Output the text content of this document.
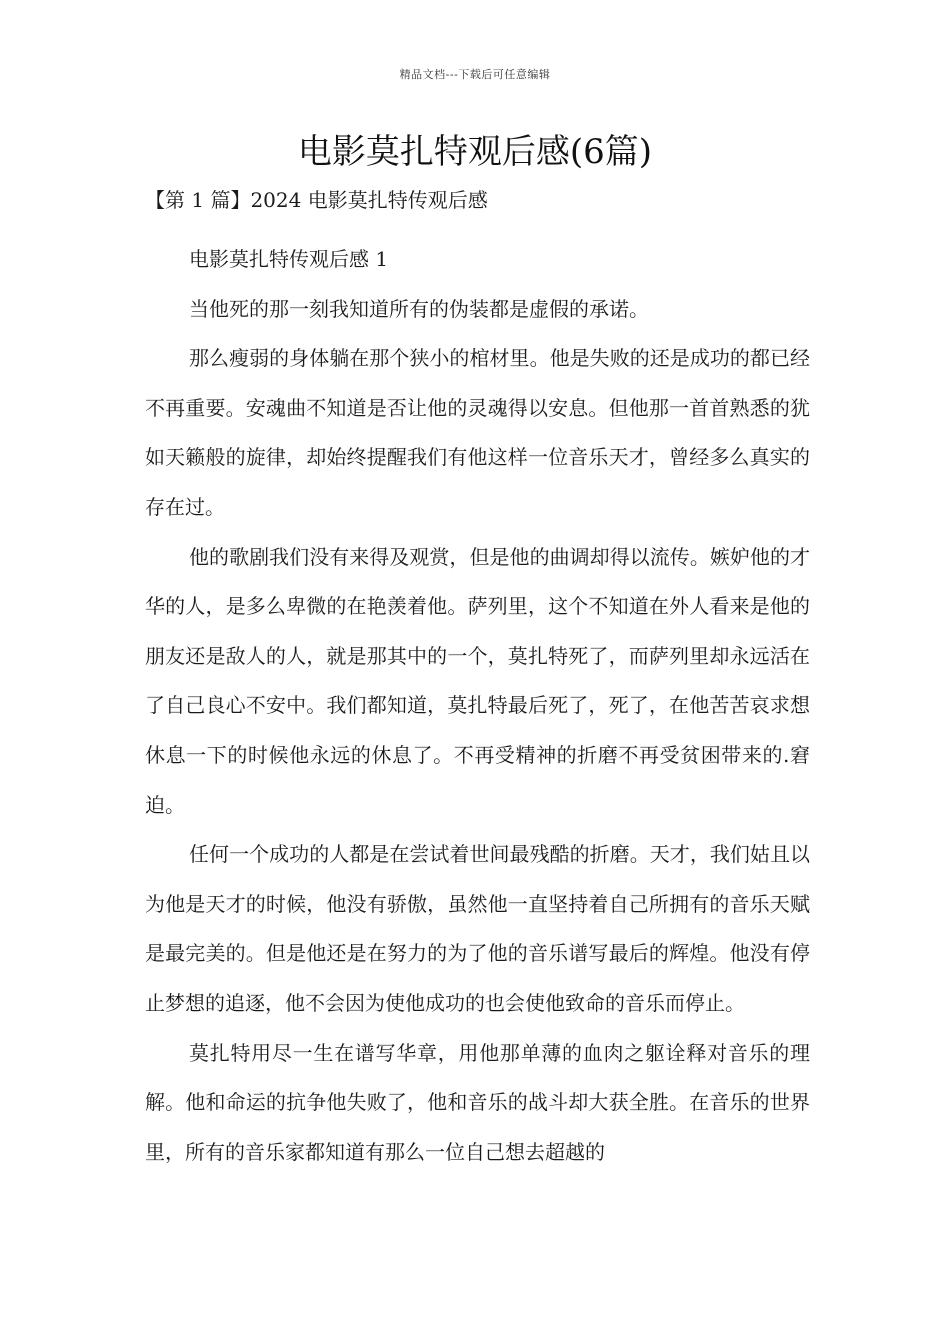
精品文档---下载后可任意编辑
电影莫扎特观后感(6篇)
【第 1 篇】2024 电影莫扎特传观后感

电影莫扎特传观后感 1

当他死的那一刻我知道所有的伪装都是虚假的承诺。

那么瘦弱的身体躺在那个狭小的棺材里。他是失败的还是成功的都已经不再重要。安魂曲不知道是否让他的灵魂得以安息。但他那一首首熟悉的犹如天籁般的旋律，却始终提醒我们有他这样一位音乐天才，曾经多么真实的存在过。

他的歌剧我们没有来得及观赏，但是他的曲调却得以流传。嫉妒他的才华的人，是多么卑微的在艳羡着他。萨列里，这个不知道在外人看来是他的朋友还是敌人的人，就是那其中的一个，莫扎特死了，而萨列里却永远活在了自己良心不安中。我们都知道，莫扎特最后死了，死了，在他苦苦哀求想休息一下的时候他永远的休息了。不再受精神的折磨不再受贫困带来的.窘迫。

任何一个成功的人都是在尝试着世间最残酷的折磨。天才，我们姑且以为他是天才的时候，他没有骄傲，虽然他一直坚持着自己所拥有的音乐天赋是最完美的。但是他还是在努力的为了他的音乐谱写最后的辉煌。他没有停止梦想的追逐，他不会因为使他成功的也会使他致命的音乐而停止。

莫扎特用尽一生在谱写华章，用他那单薄的血肉之躯诠释对音乐的理解。他和命运的抗争他失败了，他和音乐的战斗却大获全胜。在音乐的世界里，所有的音乐家都知道有那么一位自己想去超越的
